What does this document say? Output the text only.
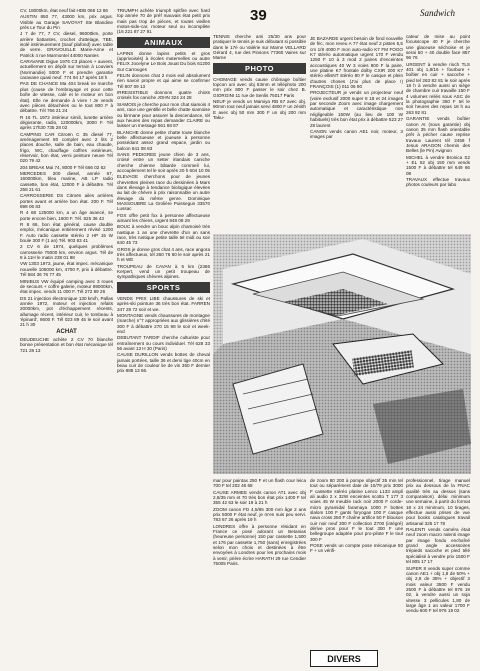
39	Sandwich

CV, 18000km, état neuf fait HDB 068 12 86

AUSTIN 850 77, 43000 km, prix argus. Visible au Garage SAVOYAT Ste Blandine près Le Tour du Pin

J 7 de 77, 7 CV, diesel, 96000km, porte arrière battantes, crochet d'attelage, TBE, isolé intérieurement (Sauf plafond) avec table de verre. GRAVOUILLE Marie-Anne et Patrick 4 rue Marmontel 44000 Nantes

CARAVANE Digue 1976 C3 places + auvent, actuellement en dépôt sur terrain à Louviers (Normandie) 5000 F et prendre garantie caravane quasi neuf. 774 94 17 après 18 h

PAS DE CHANCE Ma 404 break ne marche plus (cause de l'embrayage et pour cette boîte de vitesse, calé et le moteur en bon état). Elle ne demande à vivre ! Je vends avec pièces détachées ou le tout 800 F à débattre. Tél 766 21 24

R 16 TL 1972 intérieur simili, lunette arrière dégivrante, radio, 120000km, 3000 F. Tél après 17h30 735 28 02

CAMPING CAR Citroën C 35 diesel 77, aménagement 80 complet avec 2 lits 2 places douche, salle de bain, eau chaude, frigo, WC, chauffage coffres extérieurs, réservoir, bon état, verni peinture neuve Tél 020 79 42

204 BREAK Mai 74, 8000 F Tél 666 02 62

MERCEDES 200 diesel, année 67, 160000km, bleu marine, AB LP radio cassette, bon état, 12000 F à débattre. Tél 258 21 61

CARROSSERIE DS Citroën ailes arrières portes avant et arrière bon état. 200 F. Tél 898 06 83

R 4 68 125000 km, a un âge avancé, se porte encore bien, 1600 F. Tél. 825 36 43

R 8 66, bon état général, cause double emploi, mécanique entièrement révisé 1200 F. Auto radio cassette stéréo 2 HP 15 W boule 300 F (1 an) Tél. 903 63 41

2 CV 6 de 1974, quelques problèmes carrosserie 75000 km, environ argus. Tél de 8 à 11H le matin 238 01 88

VW 1303 1973, jaune, état impec. mécanique nouvelle 105000 km, 4700 F, prix à débattre. Tél 584 36 76 77 45

MINIBUS VW équipé camping avec 3 roues de secours + coffre galerie, moteur 89000km, état impec. vends 11 000 F. Tél 272 89 26

DS 21 injection électronique 130 km/h, Pallas année 1972, moteur et injection refaits 20000km, pot d'échappement récents, allumage récent, intérieur cuir, le tombeau à 'épinard', 8600 F. Tél 023 89 45 le soir avant 21 h 30

ACHAT

DEUDEUCHE achète 2 CV 70 blanche bonne présentation et bon état mécanique tél 721 28 13

TRIUMPH achète triumph spitfire avec hard top année 70 de préf mauvais état petit prix mais pas trop de pièces, et toutes vieilles motos-side-car, moteur seul ou incomplète (16 221 87 27 91

ANIMAUX

LAPINS donne lapins petits et gros (apprivoisés) à écoles maternelles ou autre FELIX Jocelyne Le Bois Jouat Du bois 61200 Sur Carrouges

FELIN donnons chat 2 mois exil absolument rien savoir propre et qui aime se confirmer Tél 807 09 13

IRRESISTIBLE donnons quatre chiots croisés fox caniche JOHN 324 24 28

SIAMOIS je cherche pour mon chat siamois 4 ans, race une gentille et belle chatte siamoise ou birmane pour assurer la descendance, tél aux heures des repas demander CLAIRE ou laisser un message 561 68 87

BLANCHE donne petite chatte toute blanche belle affectueuse et joueuse à personne possédant assez grand espace, jardin ou balcon 641 08 83

SANS PEDIGREE jeune chien de 3 ans, croisé entre un setter irlandais caniche cherche chienne bâtarde commeil lui, accouplement tel le soir après 20 h 604 10 05

ELEVAGE cherchons pour de jeunes chevrettes pleines race du dessinées à Mars dans élevage à tendance biologique élevées au lait de chèvre à prix raisonnable un autre élevage du même genre. Dominique MASSOUBRE La Grolière Puissegun 33570 Lussac

FOX offre petit fox à personne affectueuse aimant les chiens, urgent 848 08 29

BOUC à vendre un bouc alpin chamoisé très nastique 1 an une chevrette d'un an sans race, très rustique petite taille tel midi ou soir 640 45 73

GROS je donne gros chat 4 ans, race angora très affectueux, tél 260 76 60 le soir après 21 h et WE

TROUPEAU de CAVAN à 5 km (2366 Kerpert, vend un petit troupeau de sympathiques chèvres alpines.

SPORTS

VENDS PRIX LIBE chaussures de ski et après-ski pointure 36 très bon état. FARREN 347 28 72 soir et we.

MONTAGNE vends chaussures de montagne (marche) n°7 appropriées aux glissières d'été 300 F à débattre 270 15 98 le soir et week-end

DEBUTANT TARDIF cherche culturiste pour entraînement ou cours individuel. Tél 628 33 56 avant 13 H 30 (Paris)

CAUSE DURILLON vends bottes de cheval jamais portées, taille 36 et demi tige 40cm en beau cuir de couleur lie de vin 350 F dernier prix 888 13 66.

TENNIS cherche ami 25/30 ans pour pratiquer le tennis je suis débutant si possible dans le 17è ou Valérie sur Marne VELLARD Gérard 4, rue des Pinsons 77360 Vaires sur Marne

PHOTO

CHOMAGE vends cause chômage boîtier topcon uni avec obj 53mm et téléphoto 200 mm prix 800 F passer le soir chez B. GIORGINI 11 rue de Senlis 75017 Paris

NEUF je vends un Mamiya RB 67 avec obj. 90mm tout neuf jamais servi 4800 F un zénith E avec obj 50 mm 300 F un obj 200 mm Taku-

JE BAZARDE urgent besoin de fond nouvelle de fric, mon reveu A 77 état neuf 2 pistes 5,5 cm 1/8 4000 F mon auto-radio K7 FM FOGO K7 stéréo automatique urgent 170 F vendu 1250 F 10 à 3 mod 2 paires d'enceintes accoustiques 40 W 3 voies 800 F la paire, une platine K7 frontale dolby CXIR 200 K7 stéréo ellisNT stéréo 80 F le casque et plein d'autres choses (J'ai plus de place !) FRANÇOIS (1) 011 06 90

PROJECTEUR je vends un projecteur neuf (voire exclusif 2000 super 8 18 et 24 images par seconde Zoom avec image chargement automatique et caractéristique non négligeable 150W (au lieu de 100 W habituels) très bon état prix à débattre 523 27 28 laurent

CANON vends canon AE1 noir, moteur, 3 images par

cateur de mise au point focusscope 40 F je cherche une glaceuse séchoise et je serai 50 + 40 double face 857 96 76

URGENT à vendre rioch TLS 401 obj 1,8/16 + fourbure + boîtier en cuir + sacoche + pied tel 263 82 81 le soir après 18 h à vendre aussi un siège de chambre cuir travaille 150 F 4 volumes reliés sous ASC de la photographie 350 F tel le soir heures des repas 18 h au 263 92 81

GARANTIE vends boîtier canon AI (sous garantie) obj canon 35 mm flash orientable prêt à pécher cause reprise travaux Laurent tél 2459 f Jesus ARAGON chemin des Belles (le Pin) Avignon

MICHEL à vendre Bronica S2 + EL 52 obj 150 mm vends 1500 F à débattre tel 649 66 08

TRAVAUX effectue travaux photos couleurs par labo

mar pour paintax 250 F et un flash cour leica 700 F tel 202 46 68

CAUSE ARMEE vends canon AT1 avec obj 2,8/35 mm et 70 très bon état prix 1400 F tel 355 42 63 le soir 19 à 21 h

ZOOM canon FD 4,5/85 300 mm âge 2 ans prix 5000 F état neuf, je m'en suis peu servi. 783 67 26 après 19 h

LONDRES offre à personne résidant en France ce posé adorant un Betanias (heureuse personne) 150 par cassette 1,500 et 176 par cassette 1,750 (sans) enregistrées selon mon choix et destinées à être envoyées à Londres pour les prochains mois à venir, prière écrire HARATH 29 rue Cendier 75005 Paris.

de zoom 80 200 à pompe objectif 35 mm tel tout ou séparément date de 10/79 prix 3000 F cassette stéréo platine Lenco L133 ampli ali audio 2 x 32W enceintes scotto T 177 3 voies 45 W meuble rack noir 2000 F corde-micro pyramidal faramaya 1000 F bottes slalom 100 F gants foryogan 100 F casque nava cross 250 F chaîne artifice 50 F blouson cuir noir neuf 300 F collection Z700 (intégré) dérive pros pour F le tout 300 F une bellegroupe adaptée pour pro-pilote F le tout 300 F

POSE vends un compte pose mécanique 50 F + un vérifi-

DIVERS

professionnel, tirage manuel prix au dessous de la FNAC qualité très au dessus (sans comparaison) délai minimum une semaine, à partir du format 18 x 24 minimum, 10 tirages, effectue aussi prises de vue pour books catalogues travail artisanal 325 17 78

RALENTI vends caméra était neuf zoom macro ralenti image par image fondu enchaîné grand angle accessoires trépieds sacoche et pied télé spécialisé à vendre prix 1500 F tel 805 17 17

SUPER 8 vends super comme canon AE1 + obj 1,8 de 50% + obj 2,8 de 35% + objectif 3 mois valeur 3500 F vendu 2500 F à débattre tel 976 19 02, à vendre aussi un soja vitesse 3 pellicules 1,80 de large âge 1 an valeur 1700 F vendu 600 F tel 976 19 02
